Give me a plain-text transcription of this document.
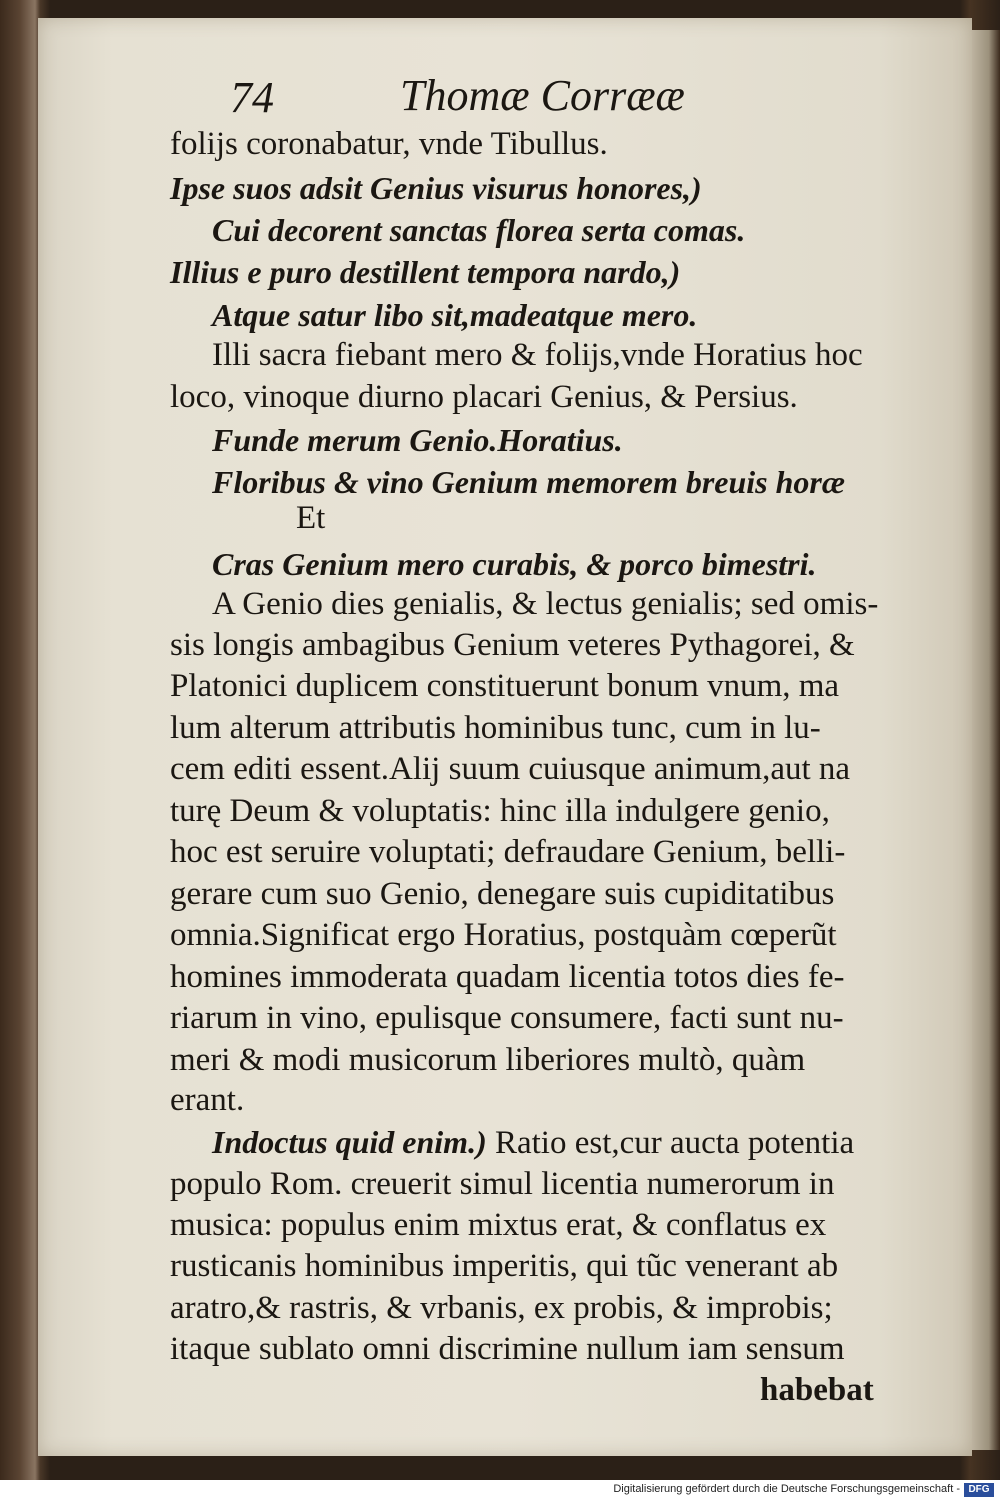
74	Thomæ Corrææ
folijs coronabatur, vnde Tibullus.
Ipse suos adsit Genius visurus honores,)
Cui decorent sanctas florea serta comas.
Illius e puro destillent tempora nardo,)
Atque satur libo sit,madeatque mero.
Illi sacra fiebant mero & folijs,vnde Horatius hoc
loco, vinoque diurno placari Genius, & Persius.
Funde merum Genio.Horatius.
Floribus & vino Genium memorem breuis horæ
Et
Cras Genium mero curabis, & porco bimestri.
A Genio dies genialis, & lectus genialis; sed omis-
sis longis ambagibus Genium veteres Pythagorei, &
Platonici duplicem constituerunt bonum vnum, ma
lum alterum attributis hominibus tunc, cum in lu-
cem editi essent.Alij suum cuiusque animum,aut na
turę Deum & voluptatis: hinc illa indulgere genio,
hoc est seruire voluptati; defraudare Genium, belli-
gerare cum suo Genio, denegare suis cupiditatibus
omnia.Significat ergo Horatius, postquàm cœperũt
homines immoderata quadam licentia totos dies fe-
riarum in vino, epulisque consumere, facti sunt nu-
meri & modi musicorum liberiores multò, quàm
erant.
Indoctus quid enim.) Ratio est,cur aucta potentia
populo Rom. creuerit simul licentia numerorum in
musica: populus enim mixtus erat, & conflatus ex
rusticanis hominibus imperitis, qui tũc venerant ab
aratro,& rastris, & vrbanis, ex probis, & improbis;
itaque sublato omni discrimine nullum iam sensum
habebat
Digitalisierung gefördert durch die Deutsche Forschungsgemeinschaft - DFG
